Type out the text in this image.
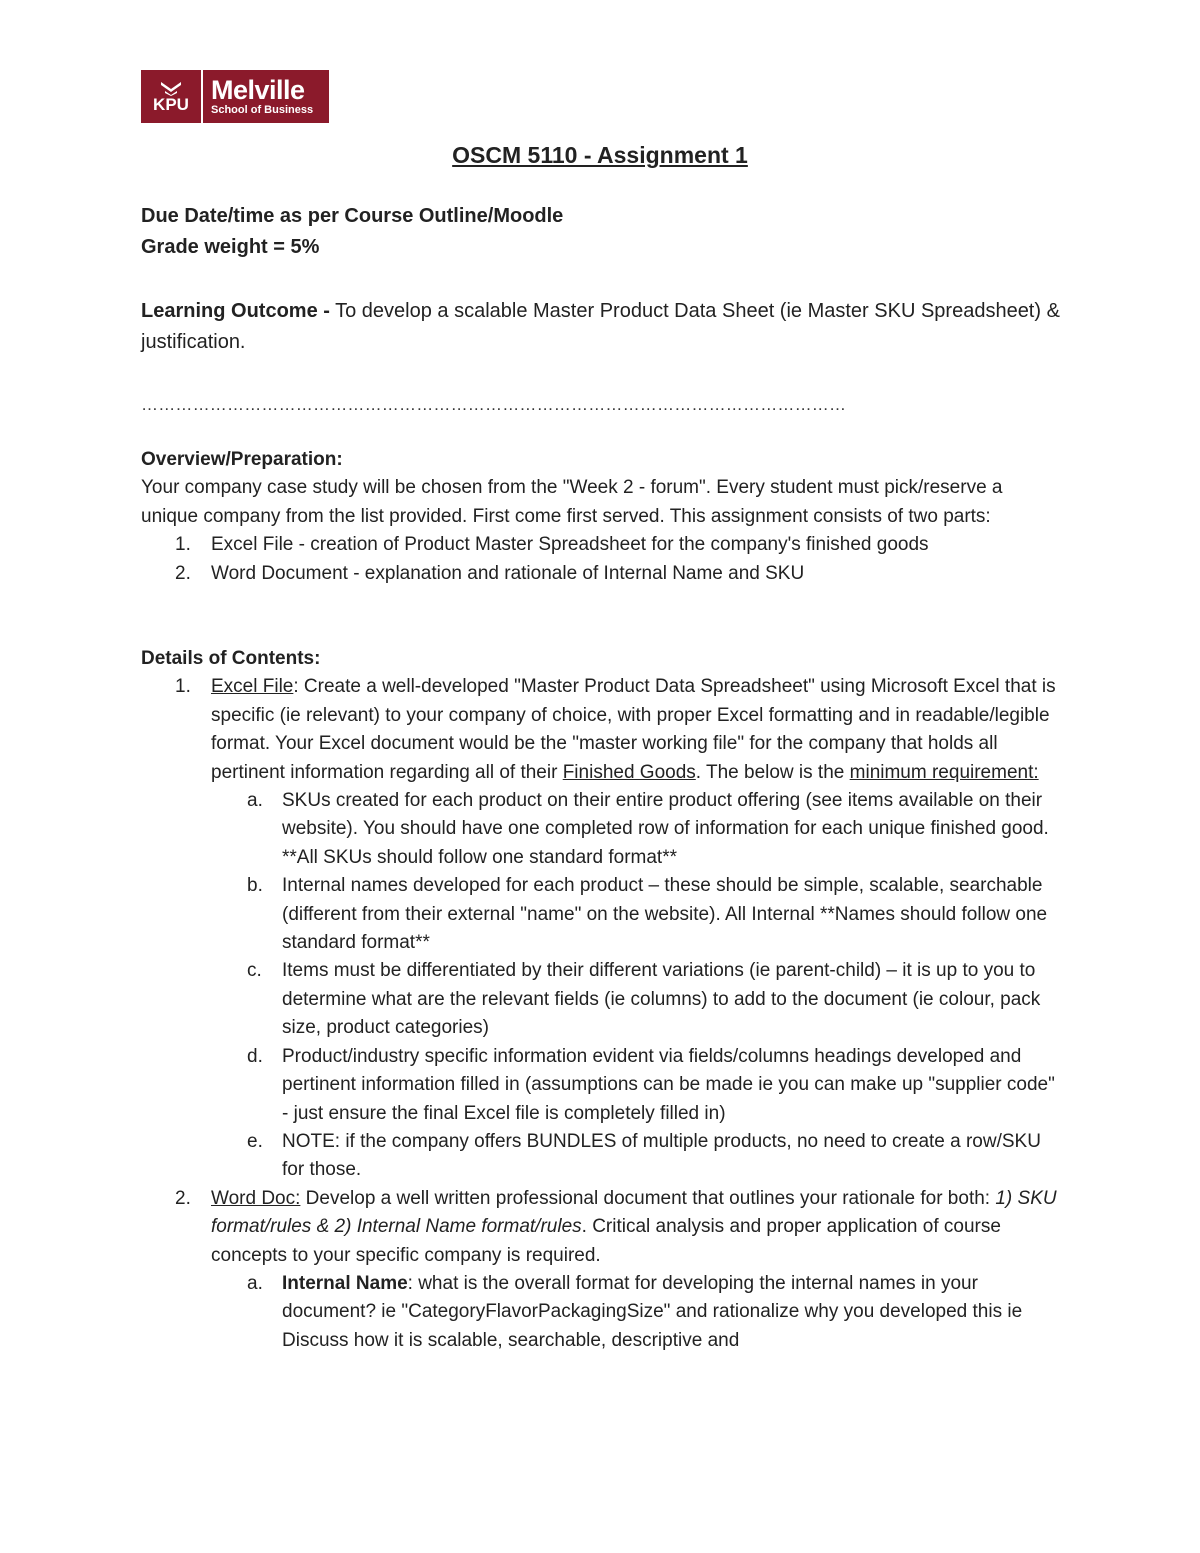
KPU Melville
School of Business
OSCM 5110 - Assignment 1
Due Date/time as per Course Outline/Moodle
Grade weight = 5%
Learning Outcome - To develop a scalable Master Product Data Sheet (ie Master SKU Spreadsheet) & justification.
……………………………………………………………………………………………………………
Overview/Preparation:
Your company case study will be chosen from the "Week 2 - forum". Every student must pick/reserve a unique company from the list provided. First come first served. This assignment consists of two parts:
1. Excel File - creation of Product Master Spreadsheet for the company's finished goods
2. Word Document - explanation and rationale of Internal Name and SKU
Details of Contents:
1. Excel File: Create a well-developed "Master Product Data Spreadsheet" using Microsoft Excel that is specific (ie relevant) to your company of choice, with proper Excel formatting and in readable/legible format. Your Excel document would be the "master working file" for the company that holds all pertinent information regarding all of their Finished Goods. The below is the minimum requirement:
a. SKUs created for each product on their entire product offering (see items available on their website). You should have one completed row of information for each unique finished good. **All SKUs should follow one standard format**
b. Internal names developed for each product – these should be simple, scalable, searchable (different from their external "name" on the website). All Internal **Names should follow one standard format**
c. Items must be differentiated by their different variations (ie parent-child) – it is up to you to determine what are the relevant fields (ie columns) to add to the document (ie colour, pack size, product categories)
d. Product/industry specific information evident via fields/columns headings developed and pertinent information filled in (assumptions can be made ie you can make up "supplier code" - just ensure the final Excel file is completely filled in)
e. NOTE: if the company offers BUNDLES of multiple products, no need to create a row/SKU for those.
2. Word Doc: Develop a well written professional document that outlines your rationale for both: 1) SKU format/rules & 2) Internal Name format/rules. Critical analysis and proper application of course concepts to your specific company is required.
a. Internal Name: what is the overall format for developing the internal names in your document? ie "CategoryFlavorPackagingSize" and rationalize why you developed this ie Discuss how it is scalable, searchable, descriptive and
